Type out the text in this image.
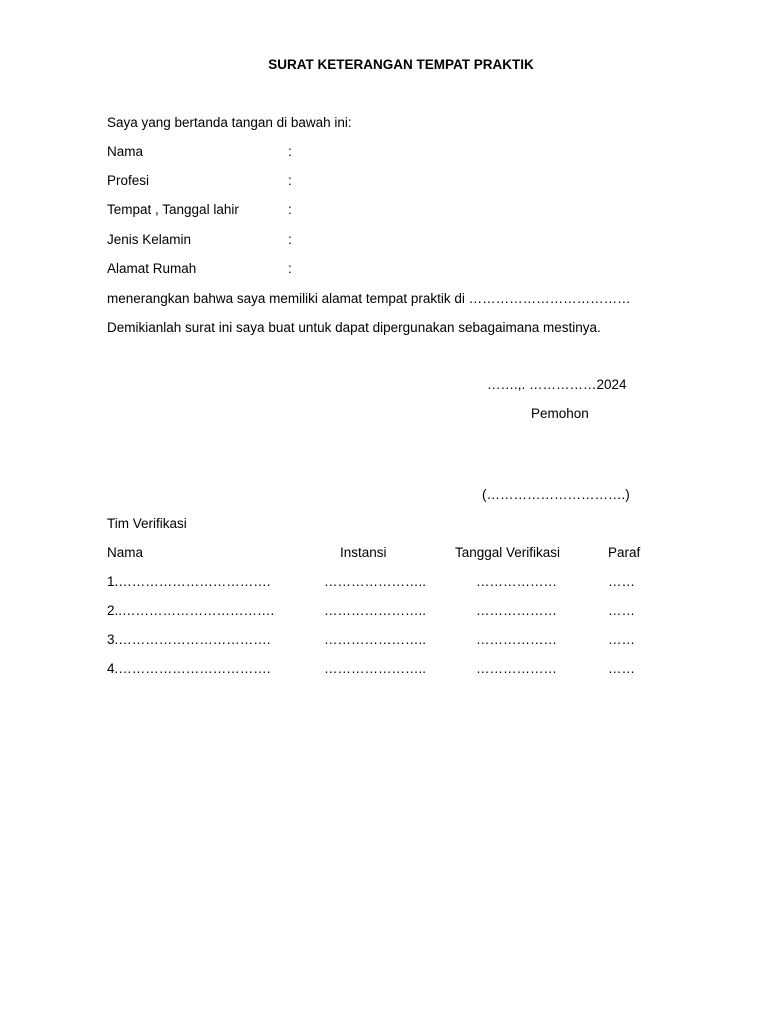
SURAT KETERANGAN TEMPAT PRAKTIK
Saya yang bertanda tangan di bawah ini:
Nama	:
Profesi	:
Tempat , Tanggal lahir	:
Jenis Kelamin	:
Alamat Rumah	:
menerangkan bahwa saya memiliki alamat tempat praktik di ………………………………
Demikianlah surat ini saya buat untuk dapat dipergunakan sebagaimana mestinya.
…….,. ……………2024
Pemohon
(………………………….)
Tim Verifikasi
Nama	Instansi	Tanggal Verifikasi	Paraf
1.…………………………….	…………………..	………………	……
2..…………………………….	…………………..	………………	……
3.…………………………….	…………………..	………………	……
4.…………………………….	…………………..	………………	……
